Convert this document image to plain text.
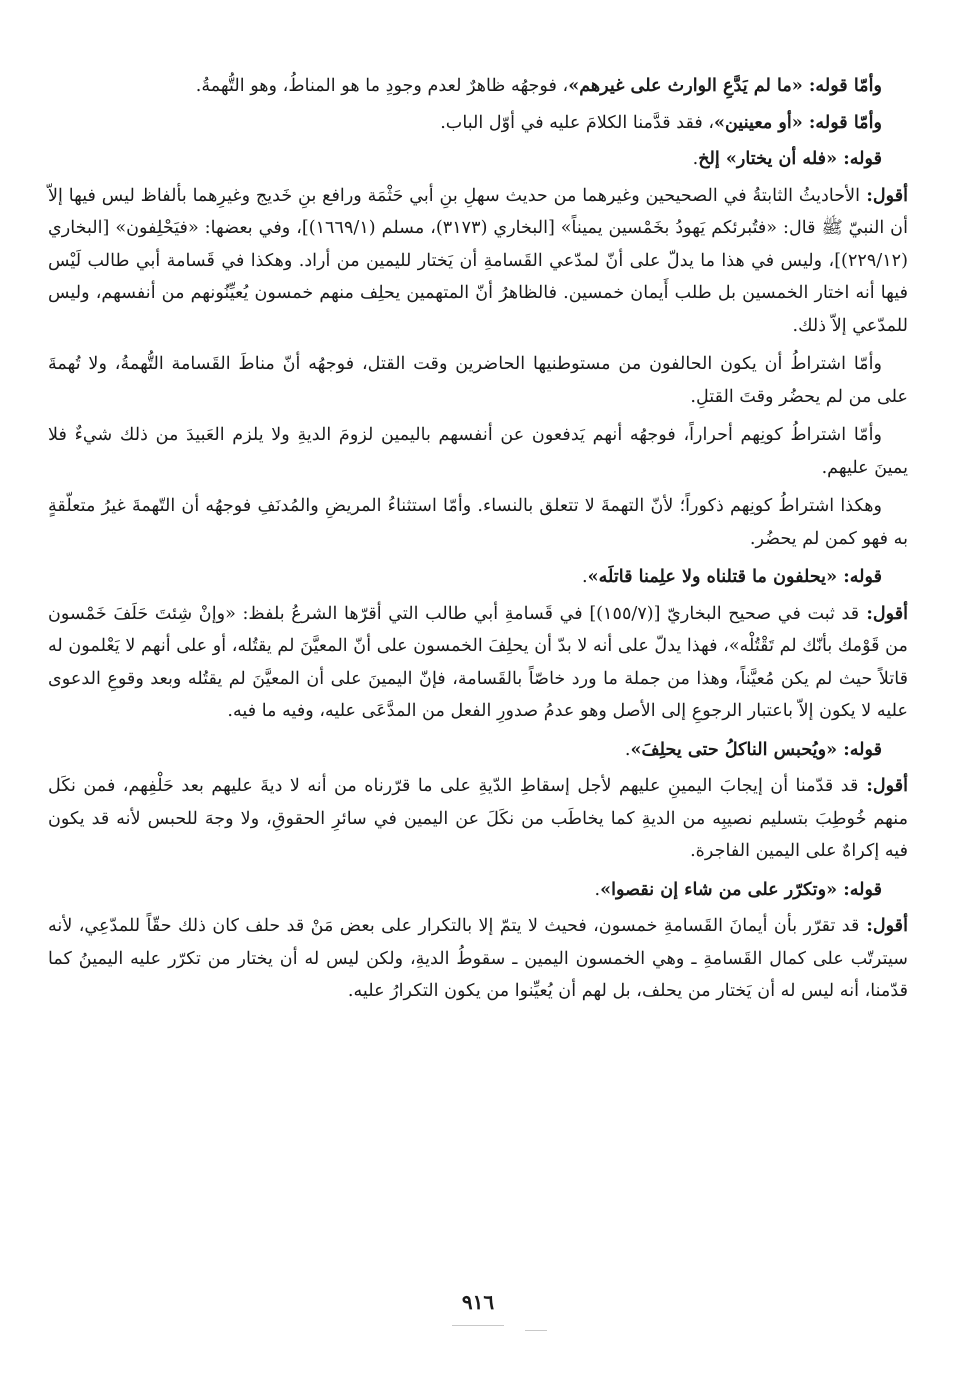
وأمّا قوله: «ما لم يَدَّعِ الوارث على غيرهم»، فوجهُه ظاهرٌ لعدم وجودِ ما هو المناطُ، وهو التُّهمةُ.

وأمّا قوله: «أو معينين»، فقد قدَّمنا الكلامَ عليه في أوّل الباب.

قوله: «فله أن يختار» إلخ.

أقول: الأحاديثُ الثابتةُ في الصحيحين وغيرهما من حديث سهلِ بنِ أبي حَثْمَة ورافع بنِ خَديج وغيرِهما بألفاظ ليس فيها إلاّ أن النبيّ ﷺ قال: «فتُبرئكم يَهودُ بخَمْسين يميناً» [البخاري (٣١٧٣)، مسلم (١٦٦٩/١)]، وفي بعضها: «فيَحْلِفون» [البخاري (٢٢٩/١٢)]، وليس في هذا ما يدلّ على أنّ لمدّعي القَسامةِ أن يَختار لليمين من أراد. وهكذا في قَسامة أبي طالب لَيْس فيها أنه اختار الخمسين بل طلب أَيمان خمسين. فالظاهرُ أنّ المتهمين يحلِف منهم خمسون يُعيِّنُونهم من أنفسهم، وليس للمدّعي إلاّ ذلك.

وأمّا اشتراطُ أن يكون الحالفون من مستوطنيها الحاضرين وقت القتل، فوجهُه أنّ مناطَ القَسامة التُّهمةُ، ولا تُهمةَ على من لم يحضُر وقتَ القتلِ.

وأمّا اشتراطُ كونِهم أحراراً، فوجهُه أنهم يَدفعون عن أنفسهم باليمين لزومَ الديةِ ولا يلزم العَبيدَ من ذلك شيءٌ فلا يمينَ عليهم.

وهكذا اشتراطُ كونِهم ذكوراً؛ لأنّ التهمةَ لا تتعلق بالنساء. وأمّا استثناءُ المريضِ والمُدنَفِ فوجهُه أن التّهمةَ غيرُ متعلّقةٍ به فهو كمن لم يحضُر.

قوله: «يحلفون ما قتلناه ولا علِمنا قاتلَه».

أقول: قد ثبت في صحيح البخاريّ [(١٥٥/٧)] في قَسامةِ أبي طالب التي أقرّها الشرعُ بلفظ: «وإنْ شِئتَ حَلَفَ خَمْسون من قَوْمك بأنّك لم تَقْتُلْه»، فهذا يدلّ على أنه لا بدّ أن يحلِفَ الخمسون على أنّ المعيَّنَ لم يقتُله، أو على أنهم لا يَعْلمون له قاتلاً حيث لم يكن مُعيَّناً، وهذا من جملة ما ورد خاصّاً بالقَسامة، فإنّ اليمينَ على أن المعيَّنَ لم يقتُله وبعد وقوعِ الدعوى عليه لا يكون إلاّ باعتبار الرجوعِ إلى الأصل وهو عدمُ صدورِ الفعل من المدَّعَى عليه، وفيه ما فيه.

قوله: «ويُحبس الناكلُ حتى يحلِفَ».

أقول: قد قدّمنا أن إيجابَ اليمينِ عليهم لأجل إسقاطِ الدّيةِ على ما قرّرناه من أنه لا ديةَ عليهم بعد حَلْفِهم، فمن نكَل منهم خُوطِبَ بتسليم نصيبِه من الديةِ كما يخاطَب من نكَلَ عن اليمين في سائرِ الحقوقِ، ولا وجهَ للحبس لأنه قد يكون فيه إكراهٌ على اليمين الفاجرة.

قوله: «وتكرّر على من شاء إن نقصوا».

أقول: قد تقرّر بأن أيمانَ القَسامةِ خمسون، فحيث لا يتمّ إلا بالتكرار على بعض مَنْ قد حلف كان ذلك حقّاً للمدّعِي، لأنه سيترتّب على كمال القَسامةِ ـ وهي الخمسون اليمين ـ سقوطُ الديةِ، ولكن ليس له أن يختار من تكرّر عليه اليمينُ كما قدّمنا، أنه ليس له أن يَختار من يحلف، بل لهم أن يُعيِّنوا من يكون التكرارُ عليه.

٩١٦
